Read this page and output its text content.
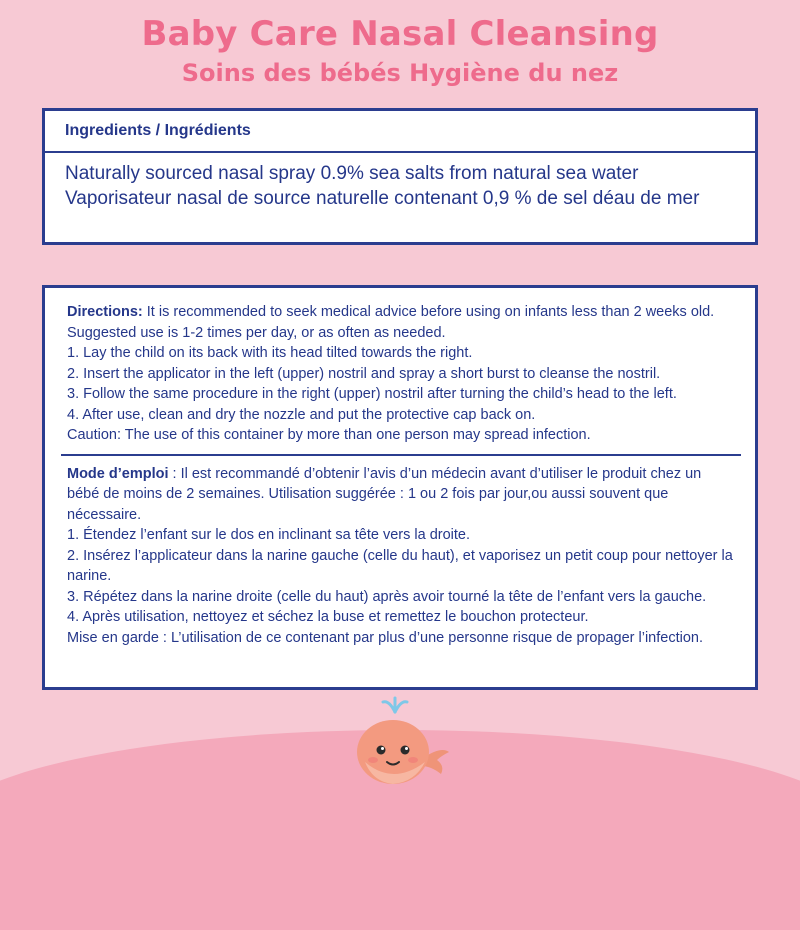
Baby Care Nasal Cleansing
Soins des bébés Hygiène du nez
Ingredients / Ingrédients
Naturally sourced nasal spray 0.9% sea salts from natural sea water
Vaporisateur nasal de source naturelle contenant 0,9 % de sel déau de mer

Directions: It is recommended to seek medical advice before using on infants less than 2 weeks old.

Suggested use is 1-2 times per day, or as often as needed.

1. Lay the child on its back with its head tilted towards the right.

2. Insert the applicator in the left (upper) nostril and spray a short burst to cleanse the nostril.

3. Follow the same procedure in the right (upper) nostril after turning the child’s head to the left.

4. After use, clean and dry the nozzle and put the protective cap back on.

Caution: The use of this container by more than one person may spread infection.

Mode d’emploi : Il est recommandé d’obtenir l’avis d’un médecin avant d’utiliser le produit chez un bébé de moins de 2 semaines. Utilisation suggérée : 1 ou 2 fois par jour,ou aussi souvent que nécessaire.

1. Étendez l’enfant sur le dos en inclinant sa tête vers la droite.

2. Insérez l’applicateur dans la narine gauche (celle du haut), et vaporisez un petit coup pour nettoyer la narine.

3. Répétez dans la narine droite (celle du haut) après avoir tourné la tête de l’enfant vers la gauche.

4. Après utilisation, nettoyez et séchez la buse et remettez le bouchon protecteur.

Mise en garde : L’utilisation de ce contenant par plus d’une personne risque de propager l’infection.
